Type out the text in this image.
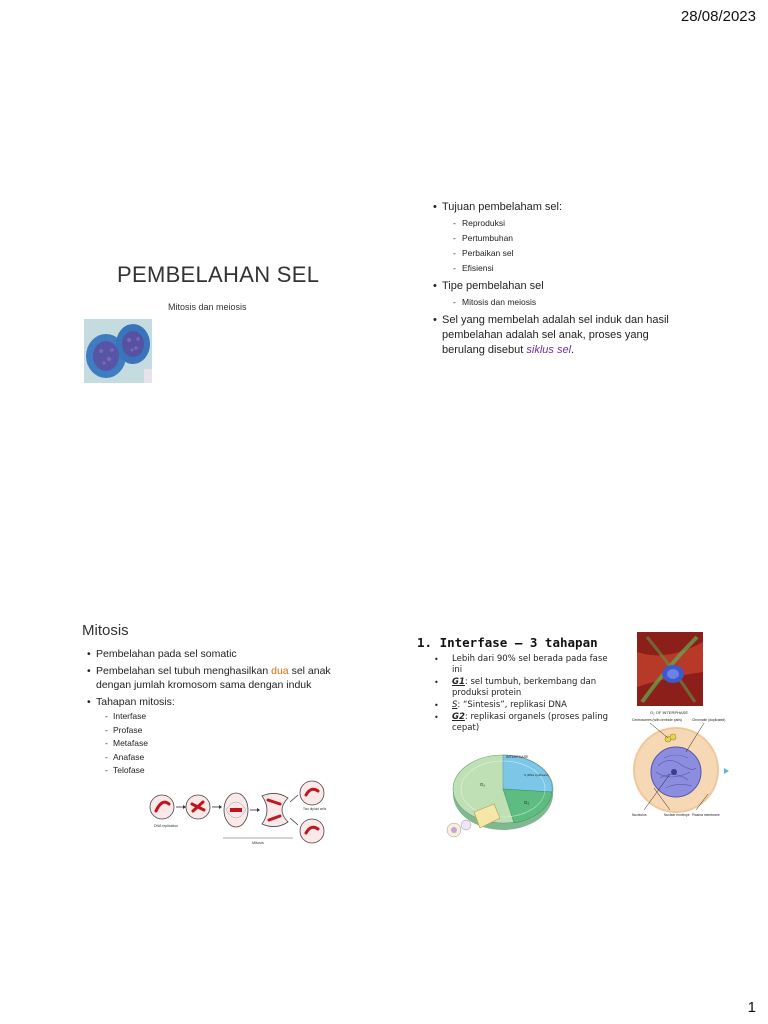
28/08/2023
1
PEMBELAHAN SEL
Mitosis dan meiosis
• Tujuan pembelaham sel:
- Reproduksi
- Pertumbuhan
- Perbaikan sel
- Efisiensi
• Tipe pembelahan sel
- Mitosis dan meiosis
• Sel yang membelah adalah sel induk dan hasil pembelahan adalah sel anak, proses yang berulang disebut siklus sel.
Mitosis
• Pembelahan pada sel somatic
• Pembelahan sel tubuh menghasilkan dua sel anak dengan jumlah kromosom sama dengan induk
• Tahapan mitosis:
- Interfase
- Profase
- Metafase
- Anafase
- Telofase
DNA replication
Two diploid cells
Mitosis
1. Interfase – 3 tahapan
• Lebih dari 90% sel berada pada fase ini
• G1: sel tumbuh, berkembang dan produksi protein
• S: “Sintesis”, replikasi DNA
• G2: replikasi organels (proses paling cepat)
INTERPHASE
G₁
S (DNA synthesis)
G₂
G₂ OF INTERPHASE
Centrosomes (with centriole pairs)	Chromatin (duplicated)
Nucleolus	Nuclear envelope Plasma membrane
